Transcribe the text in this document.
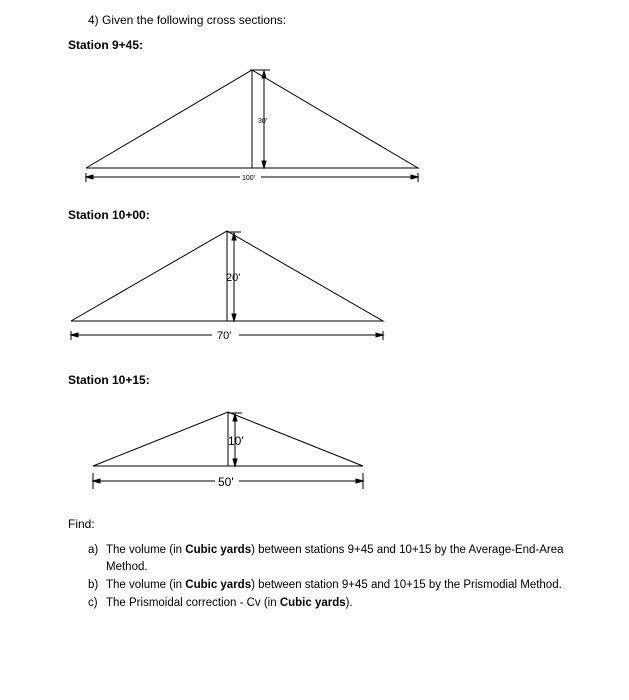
4) Given the following cross sections:
Station 9+45:
Station 10+00:
Station 10+15:
30'
100'
20'
70'
10'
50'
Find:
a) The volume (in Cubic yards) between stations 9+45 and 10+15 by the Average-End-Area
Method.
b) The volume (in Cubic yards) between station 9+45 and 10+15 by the Prismodial Method.
c) The Prismoidal correction - Cv (in Cubic yards).
